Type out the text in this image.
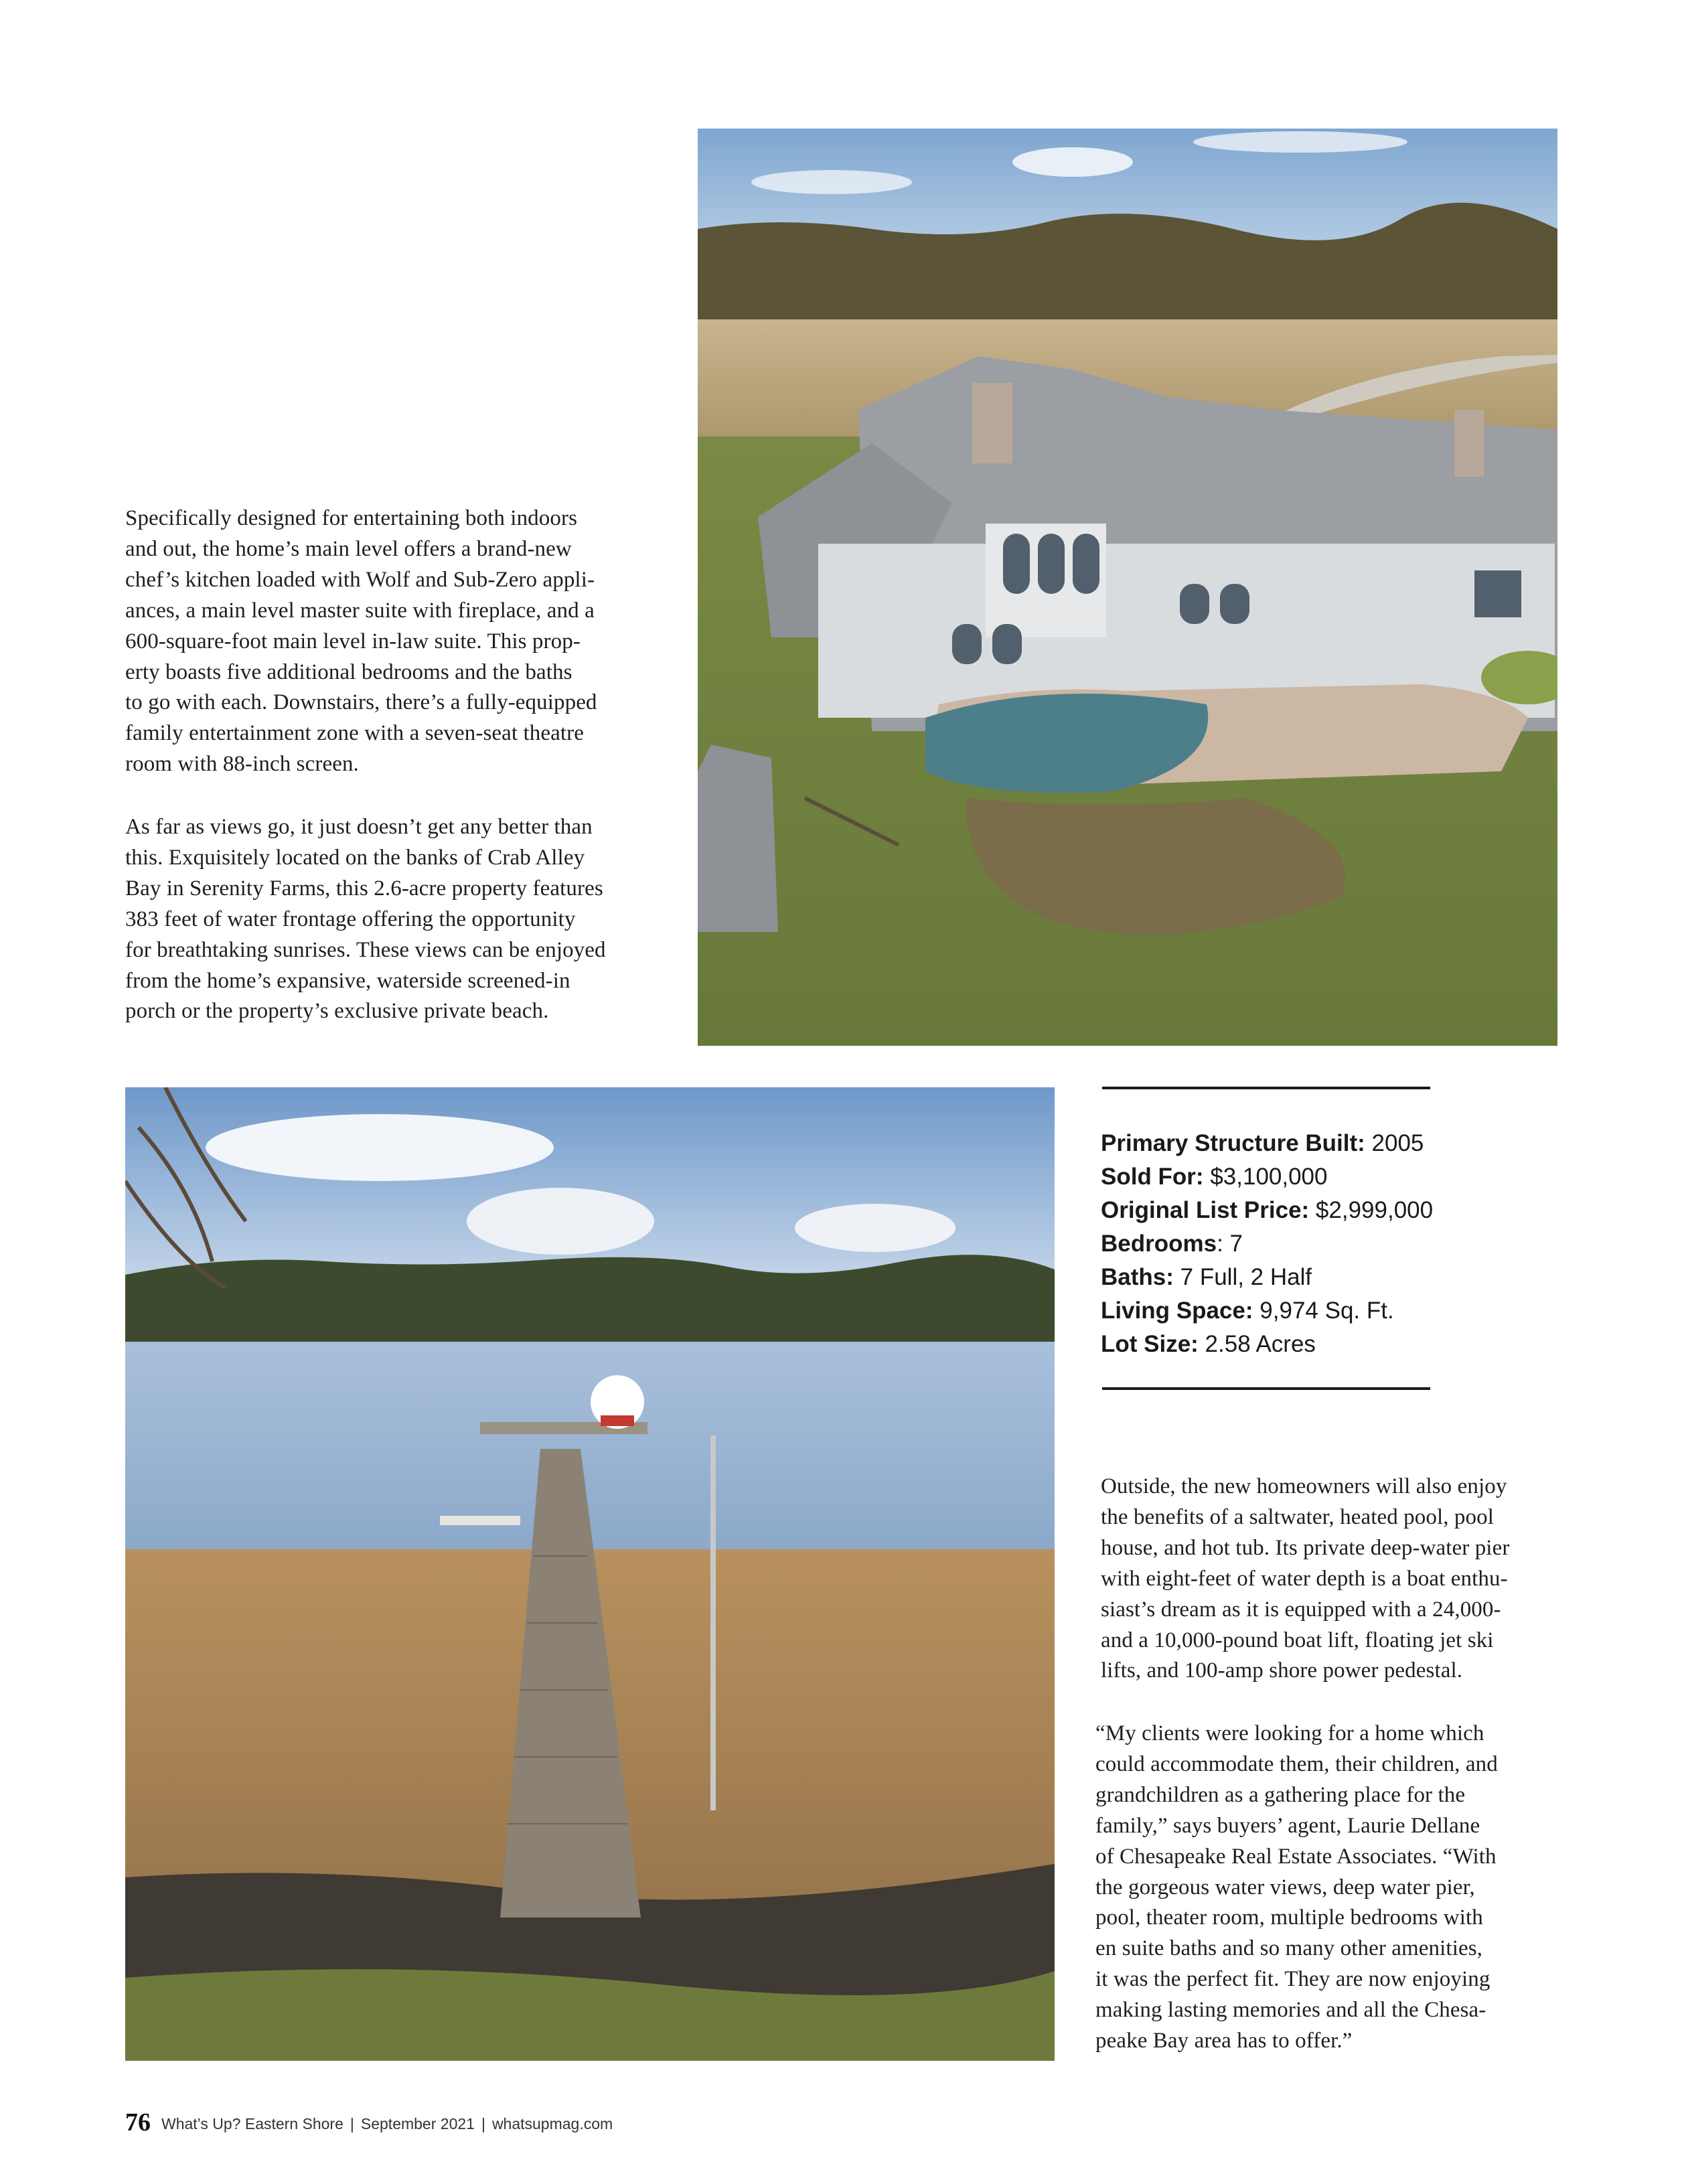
Specifically designed for entertaining both indoors
and out, the home’s main level offers a brand-new
chef’s kitchen loaded with Wolf and Sub-Zero appli-
ances, a main level master suite with fireplace, and a
600-square-foot main level in-law suite. This prop-
erty boasts five additional bedrooms and the baths
to go with each. Downstairs, there’s a fully-equipped
family entertainment zone with a seven-seat theatre
room with 88-inch screen.
As far as views go, it just doesn’t get any better than
this. Exquisitely located on the banks of Crab Alley
Bay in Serenity Farms, this 2.6-acre property features
383 feet of water frontage offering the opportunity
for breathtaking sunrises. These views can be enjoyed
from the home’s expansive, waterside screened-in
porch or the property’s exclusive private beach.
Primary Structure Built: 2005
Sold For: $3,100,000
Original List Price: $2,999,000
Bedrooms: 7
Baths: 7 Full, 2 Half
Living Space: 9,974 Sq. Ft.
Lot Size: 2.58 Acres
Outside, the new homeowners will also enjoy
the benefits of a saltwater, heated pool, pool
house, and hot tub. Its private deep-water pier
with eight-feet of water depth is a boat enthu-
siast’s dream as it is equipped with a 24,000-
and a 10,000-pound boat lift, floating jet ski
lifts, and 100-amp shore power pedestal.
“My clients were looking for a home which
could accommodate them, their children, and
grandchildren as a gathering place for the
family,” says buyers’ agent, Laurie Dellane
of Chesapeake Real Estate Associates. “With
the gorgeous water views, deep water pier,
pool, theater room, multiple bedrooms with
en suite baths and so many other amenities,
it was the perfect fit. They are now enjoying
making lasting memories and all the Chesa-
peake Bay area has to offer.”
76 What’s Up? Eastern Shore | September 2021 | whatsupmag.com
